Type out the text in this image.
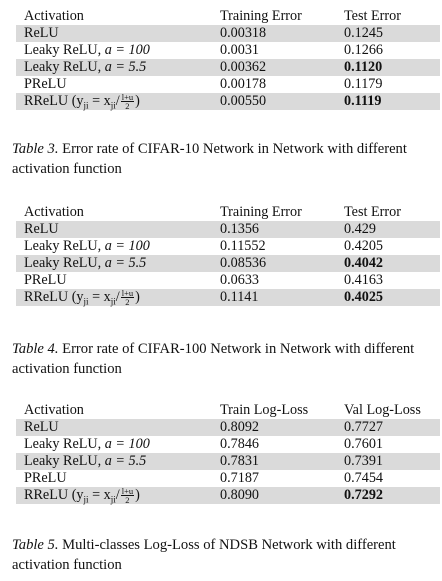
Activation	Training Error	Test Error
ReLU	0.00318	0.1245
Leaky ReLU, a = 100	0.0031	0.1266
Leaky ReLU, a = 5.5	0.00362	0.1120
PReLU	0.00178	0.1179
RReLU ($y_{ji} = x_{ji}/ \frac{l+u}{2}$ )	0.00550	0.1119

Table 3. Error rate of CIFAR-10 Network in Network with different activation function

Activation	Training Error	Test Error
ReLU	0.1356	0.429
Leaky ReLU, a = 100	0.11552	0.4205
Leaky ReLU, a = 5.5	0.08536	0.4042
PReLU	0.0633	0.4163
RReLU ($y_{ji} = x_{ji}/ \frac{l+u}{2}$ )	0.1141	0.4025

Table 4. Error rate of CIFAR-100 Network in Network with different activation function

Activation	Train Log-Loss	Val Log-Loss
ReLU	0.8092	0.7727
Leaky ReLU, a = 100	0.7846	0.7601
Leaky ReLU, a = 5.5	0.7831	0.7391
PReLU	0.7187	0.7454
RReLU ($y_{ji} = x_{ji}/ \frac{l+u}{2}$ )	0.8090	0.7292

Table 5. Multi-classes Log-Loss of NDSB Network with different activation function
